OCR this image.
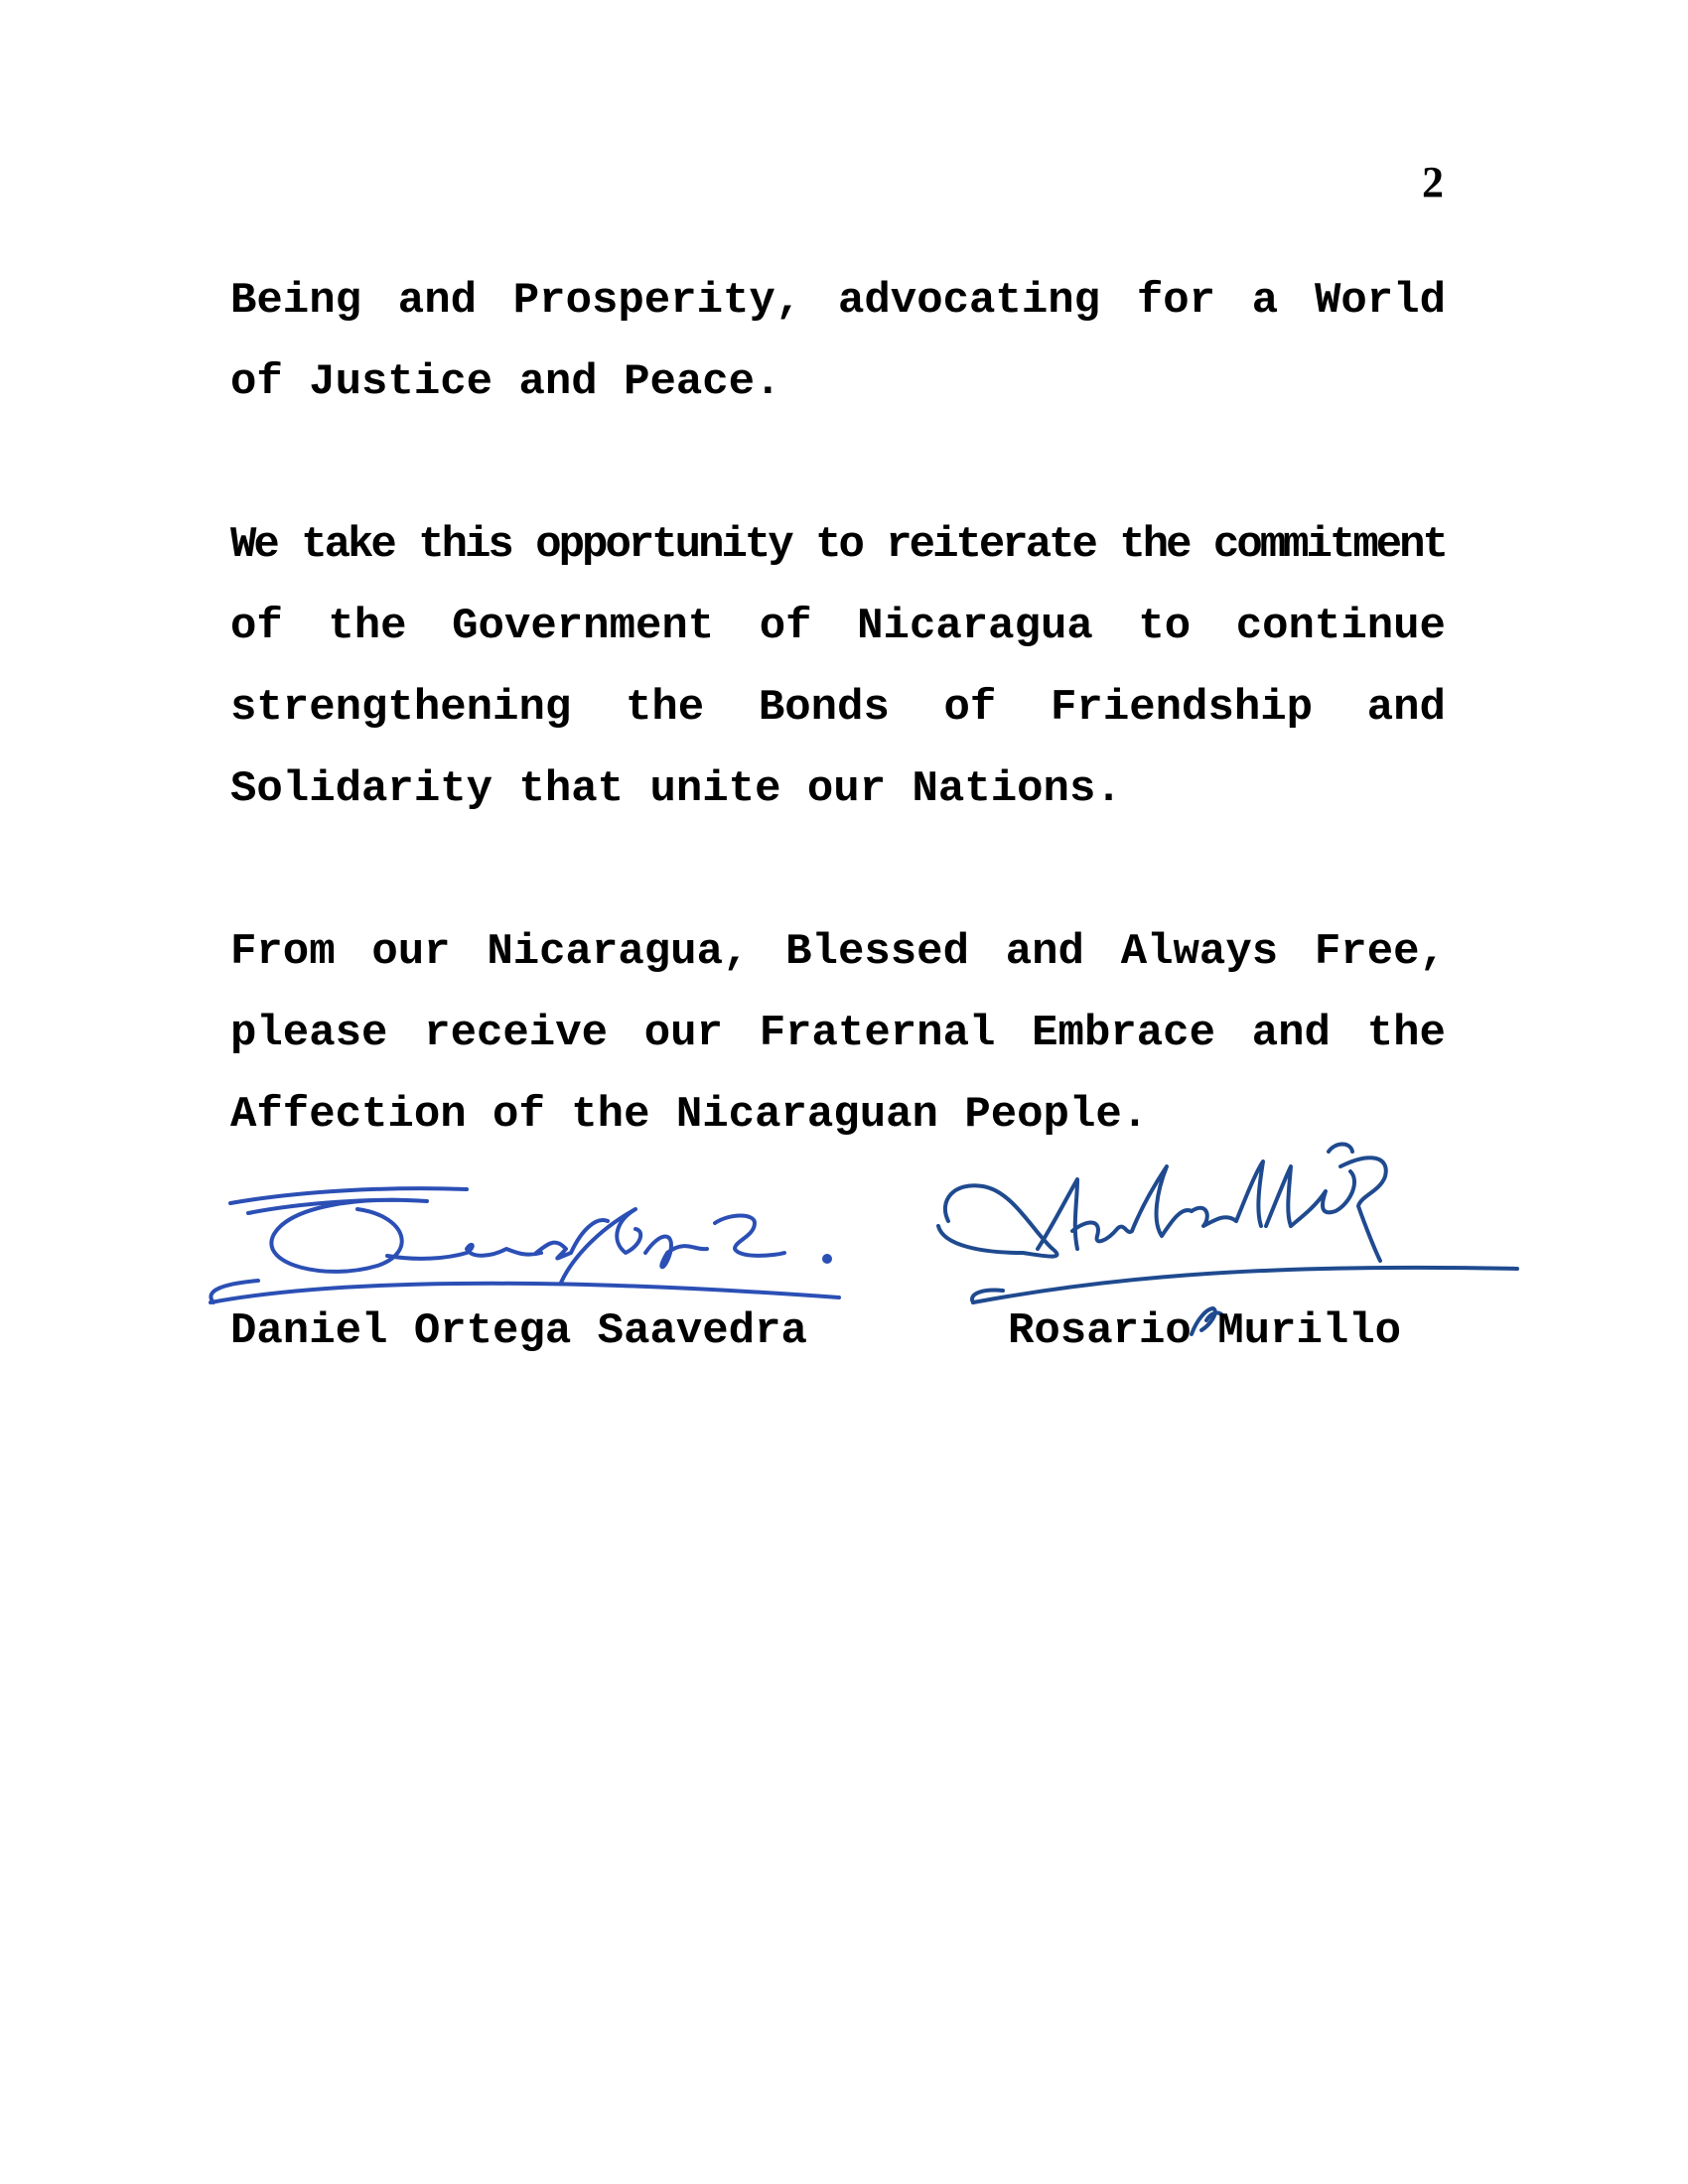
2
Being and Prosperity, advocating for a World
of Justice and Peace.
We take this opportunity to reiterate the commitment
of the Government of Nicaragua to continue
strengthening the Bonds of Friendship and
Solidarity that unite our Nations.
From our Nicaragua, Blessed and Always Free,
please receive our Fraternal Embrace and the
Affection of the Nicaraguan People.
Daniel Ortega Saavedra	Rosario Murillo
